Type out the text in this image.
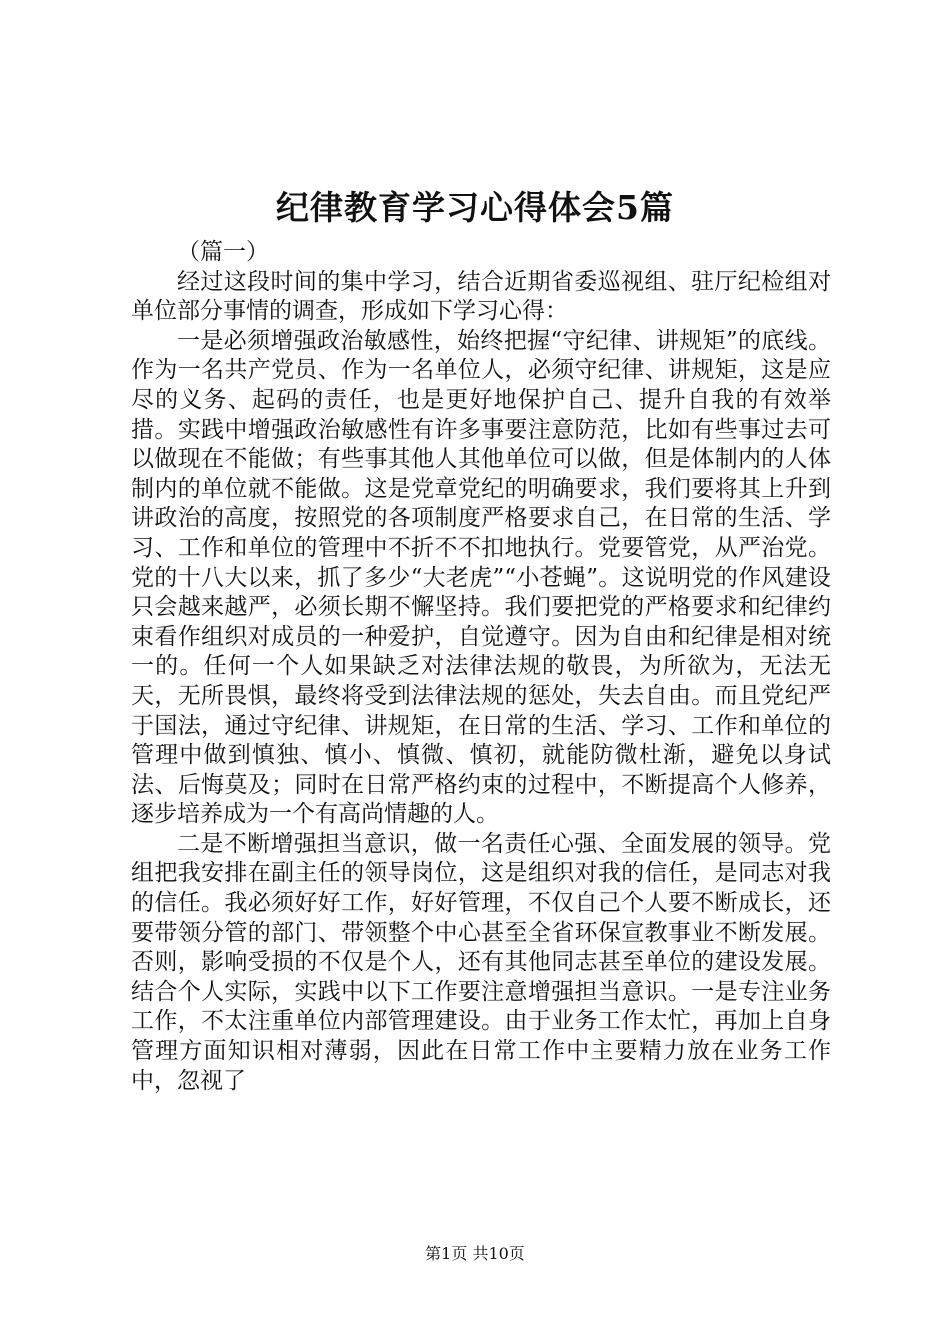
纪律教育学习心得体会5篇

（篇一）

经过这段时间的集中学习，结合近期省委巡视组、驻厅纪检组对单位部分事情的调查，形成如下学习心得：

一是必须增强政治敏感性，始终把握“守纪律、讲规矩”的底线。作为一名共产党员、作为一名单位人，必须守纪律、讲规矩，这是应尽的义务、起码的责任，也是更好地保护自己、提升自我的有效举措。实践中增强政治敏感性有许多事要注意防范，比如有些事过去可以做现在不能做；有些事其他人其他单位可以做，但是体制内的人体制内的单位就不能做。这是党章党纪的明确要求，我们要将其上升到讲政治的高度，按照党的各项制度严格要求自己，在日常的生活、学习、工作和单位的管理中不折不不扣地执行。党要管党，从严治党。党的十八大以来，抓了多少“大老虎”“小苍蝇”。这说明党的作风建设只会越来越严，必须长期不懈坚持。我们要把党的严格要求和纪律约束看作组织对成员的一种爱护，自觉遵守。因为自由和纪律是相对统一的。任何一个人如果缺乏对法律法规的敬畏，为所欲为，无法无天，无所畏惧，最终将受到法律法规的惩处，失去自由。而且党纪严于国法，通过守纪律、讲规矩，在日常的生活、学习、工作和单位的管理中做到慎独、慎小、慎微、慎初，就能防微杜渐，避免以身试法、后悔莫及；同时在日常严格约束的过程中，不断提高个人修养，逐步培养成为一个有高尚情趣的人。

二是不断增强担当意识，做一名责任心强、全面发展的领导。党组把我安排在副主任的领导岗位，这是组织对我的信任，是同志对我的信任。我必须好好工作，好好管理，不仅自己个人要不断成长，还要带领分管的部门、带领整个中心甚至全省环保宣教事业不断发展。否则，影响受损的不仅是个人，还有其他同志甚至单位的建设发展。结合个人实际，实践中以下工作要注意增强担当意识。一是专注业务工作，不太注重单位内部管理建设。由于业务工作太忙，再加上自身管理方面知识相对薄弱，因此在日常工作中主要精力放在业务工作中，忽视了

第1页 共10页
